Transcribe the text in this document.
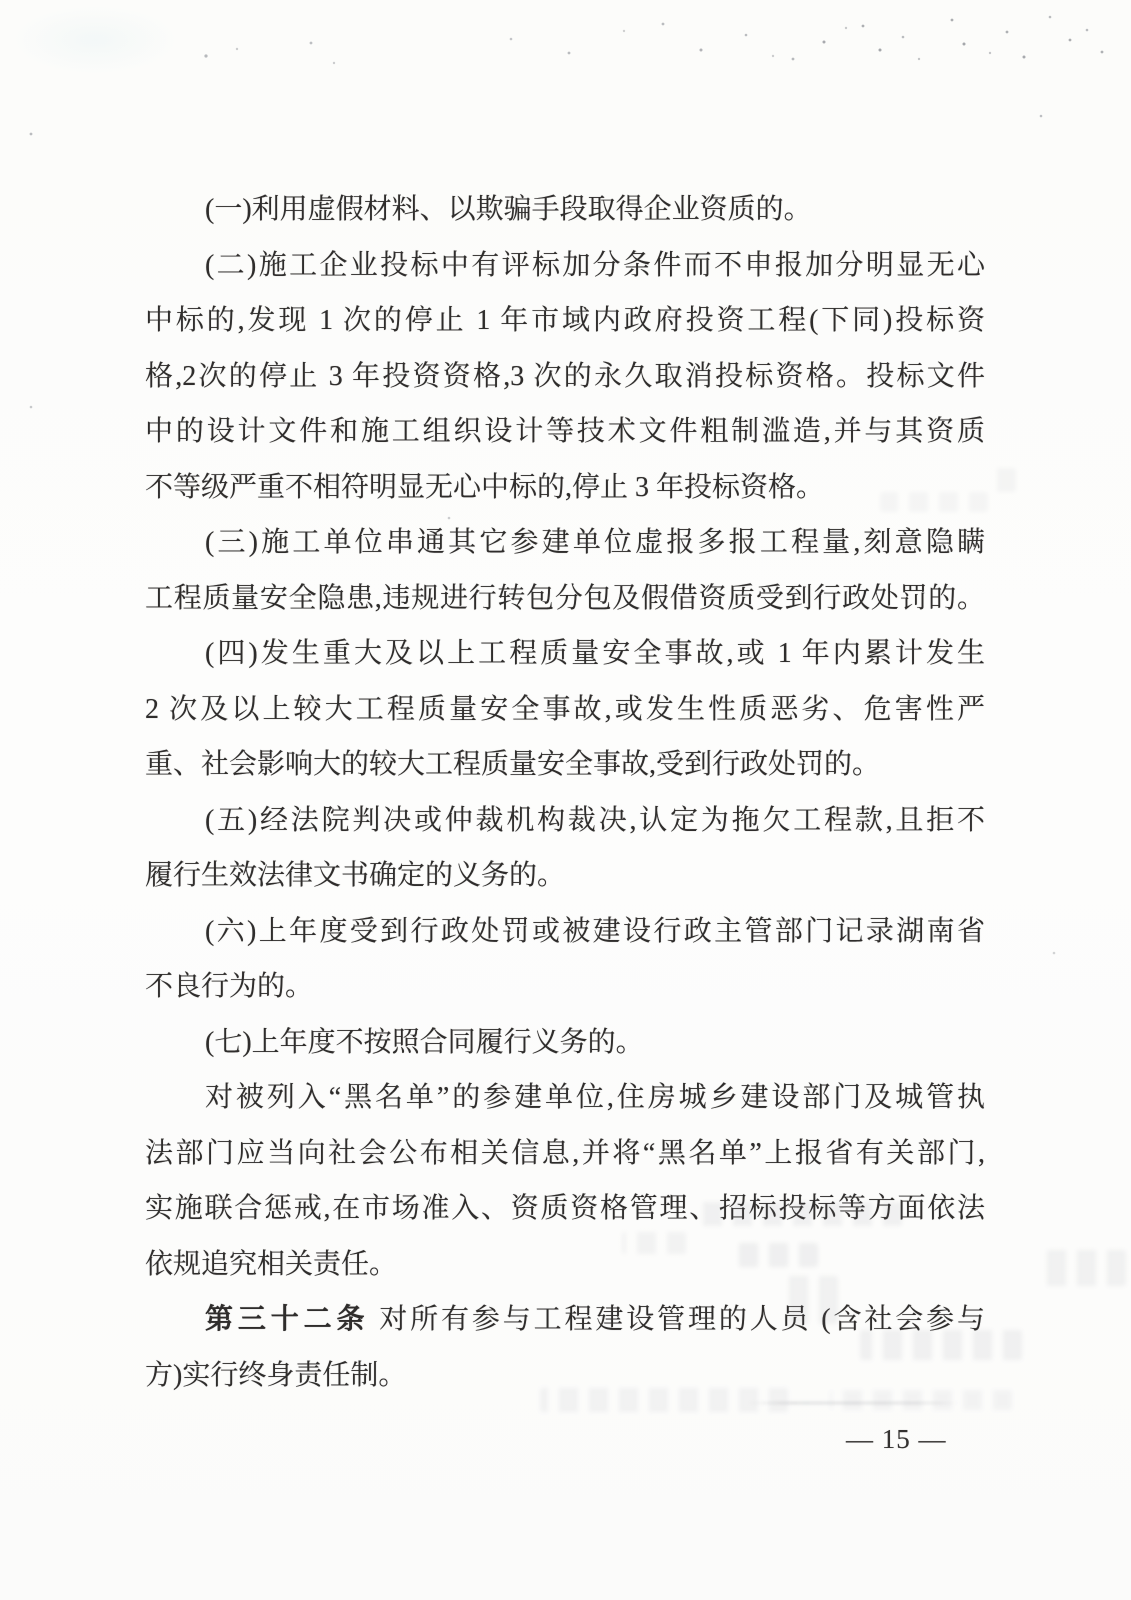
(一)利用虚假材料、以欺骗手段取得企业资质的。
(二)施工企业投标中有评标加分条件而不申报加分明显无心
中标的,发现 1 次的停止 1 年市域内政府投资工程(下同)投标资
格,2次的停止 3 年投资资格,3 次的永久取消投标资格。投标文件
中的设计文件和施工组织设计等技术文件粗制滥造,并与其资质
不等级严重不相符明显无心中标的,停止 3 年投标资格。
(三)施工单位串通其它参建单位虚报多报工程量,刻意隐瞒
工程质量安全隐患,违规进行转包分包及假借资质受到行政处罚的。
(四)发生重大及以上工程质量安全事故,或 1 年内累计发生
2 次及以上较大工程质量安全事故,或发生性质恶劣、危害性严
重、社会影响大的较大工程质量安全事故,受到行政处罚的。
(五)经法院判决或仲裁机构裁决,认定为拖欠工程款,且拒不
履行生效法律文书确定的义务的。
(六)上年度受到行政处罚或被建设行政主管部门记录湖南省
不良行为的。
(七)上年度不按照合同履行义务的。
对被列入“黑名单”的参建单位,住房城乡建设部门及城管执
法部门应当向社会公布相关信息,并将“黑名单”上报省有关部门,
实施联合惩戒,在市场准入、资质资格管理、招标投标等方面依法
依规追究相关责任。
第三十二条 对所有参与工程建设管理的人员 (含社会参与
方)实行终身责任制。
— 15 —
